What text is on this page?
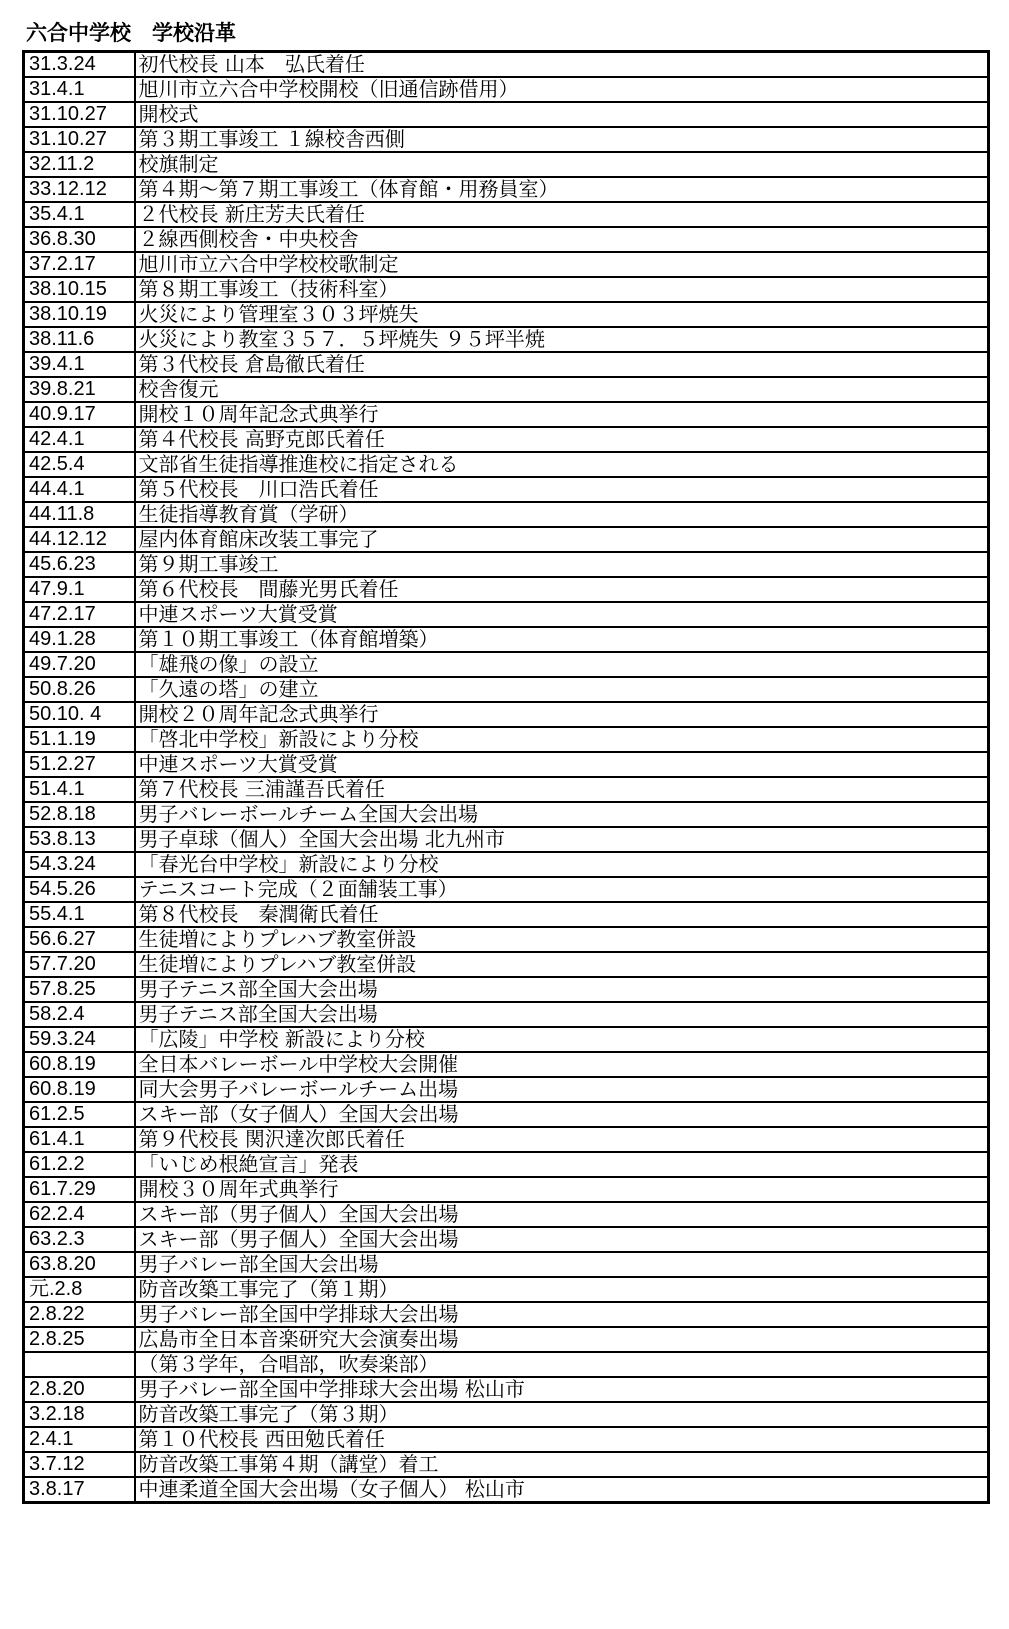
六合中学校　学校沿革
31.3.24	初代校長 山本　弘氏着任
31.4.1	旭川市立六合中学校開校（旧通信跡借用）
31.10.27	開校式
31.10.27	第３期工事竣工 １線校舎西側
32.11.2	校旗制定
33.12.12	第４期～第７期工事竣工（体育館・用務員室）
35.4.1	２代校長 新庄芳夫氏着任
36.8.30	２線西側校舎・中央校舎
37.2.17	旭川市立六合中学校校歌制定
38.10.15	第８期工事竣工（技術科室）
38.10.19	火災により管理室３０３坪焼失
38.11.6	火災により教室３５７．５坪焼失 ９５坪半焼
39.4.1	第３代校長 倉島徹氏着任
39.8.21	校舎復元
40.9.17	開校１０周年記念式典挙行
42.4.1	第４代校長 高野克郎氏着任
42.5.4	文部省生徒指導推進校に指定される
44.4.1	第５代校長　川口浩氏着任
44.11.8	生徒指導教育賞（学研）
44.12.12	屋内体育館床改装工事完了
45.6.23	第９期工事竣工
47.9.1	第６代校長　間藤光男氏着任
47.2.17	中連スポーツ大賞受賞
49.1.28	第１０期工事竣工（体育館増築）
49.7.20	「雄飛の像」の設立
50.8.26	「久遠の塔」の建立
50.10. 4	開校２０周年記念式典挙行
51.1.19	「啓北中学校」新設により分校
51.2.27	中連スポーツ大賞受賞
51.4.1	第７代校長 三浦謹吾氏着任
52.8.18	男子バレーボールチーム全国大会出場
53.8.13	男子卓球（個人）全国大会出場 北九州市
54.3.24	「春光台中学校」新設により分校
54.5.26	テニスコート完成（２面舗装工事）
55.4.1	第８代校長　秦潤衛氏着任
56.6.27	生徒増によりプレハブ教室併設
57.7.20	生徒増によりプレハブ教室併設
57.8.25	男子テニス部全国大会出場
58.2.4	男子テニス部全国大会出場
59.3.24	「広陵」中学校 新設により分校
60.8.19	全日本バレーボール中学校大会開催
60.8.19	同大会男子バレーボールチーム出場
61.2.5	スキー部（女子個人）全国大会出場
61.4.1	第９代校長 関沢達次郎氏着任
61.2.2	「いじめ根絶宣言」発表
61.7.29	開校３０周年式典挙行
62.2.4	スキー部（男子個人）全国大会出場
63.2.3	スキー部（男子個人）全国大会出場
63.8.20	男子バレー部全国大会出場
元.2.8	防音改築工事完了（第１期）
2.8.22	男子バレー部全国中学排球大会出場
2.8.25	広島市全日本音楽研究大会演奏出場
	（第３学年，合唱部，吹奏楽部）
2.8.20	男子バレー部全国中学排球大会出場 松山市
3.2.18	防音改築工事完了（第３期）
2.4.1	第１０代校長 西田勉氏着任
3.7.12	防音改築工事第４期（講堂）着工
3.8.17	中連柔道全国大会出場（女子個人） 松山市
